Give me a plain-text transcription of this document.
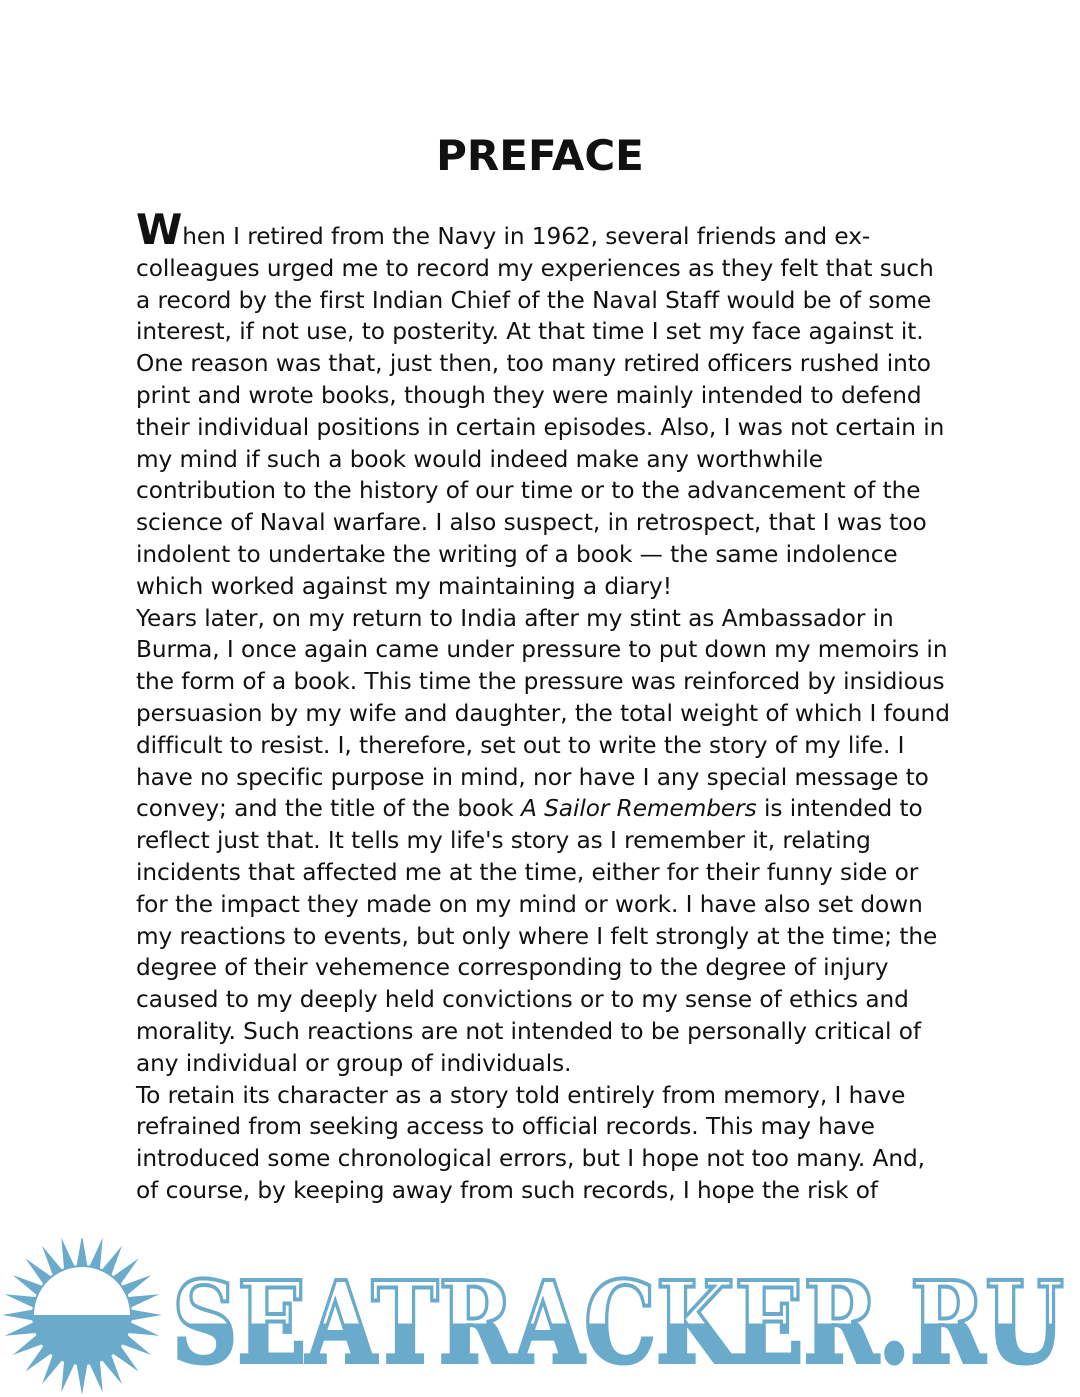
PREFACE

When I retired from the Navy in 1962, several friends and ex-colleagues urged me to record my experiences as they felt that such a record by the first Indian Chief of the Naval Staff would be of some interest, if not use, to posterity. At that time I set my face against it. One reason was that, just then, too many retired officers rushed into print and wrote books, though they were mainly intended to defend their individual positions in certain episodes. Also, I was not certain in my mind if such a book would indeed make any worthwhile contribution to the history of our time or to the advancement of the science of Naval warfare. I also suspect, in retrospect, that I was too indolent to undertake the writing of a book — the same indolence which worked against my maintaining a diary!

Years later, on my return to India after my stint as Ambassador in Burma, I once again came under pressure to put down my memoirs in the form of a book. This time the pressure was reinforced by insidious persuasion by my wife and daughter, the total weight of which I found difficult to resist. I, therefore, set out to write the story of my life. I have no specific purpose in mind, nor have I any special message to convey; and the title of the book A Sailor Remembers is intended to reflect just that. It tells my life's story as I remember it, relating incidents that affected me at the time, either for their funny side or for the impact they made on my mind or work. I have also set down my reactions to events, but only where I felt strongly at the time; the degree of their vehemence corresponding to the degree of injury caused to my deeply held convictions or to my sense of ethics and morality. Such reactions are not intended to be personally critical of any individual or group of individuals.

To retain its character as a story told entirely from memory, I have refrained from seeking access to official records. This may have introduced some chronological errors, but I hope not too many. And, of course, by keeping away from such records, I hope the risk of

SEATRACKER.RU
